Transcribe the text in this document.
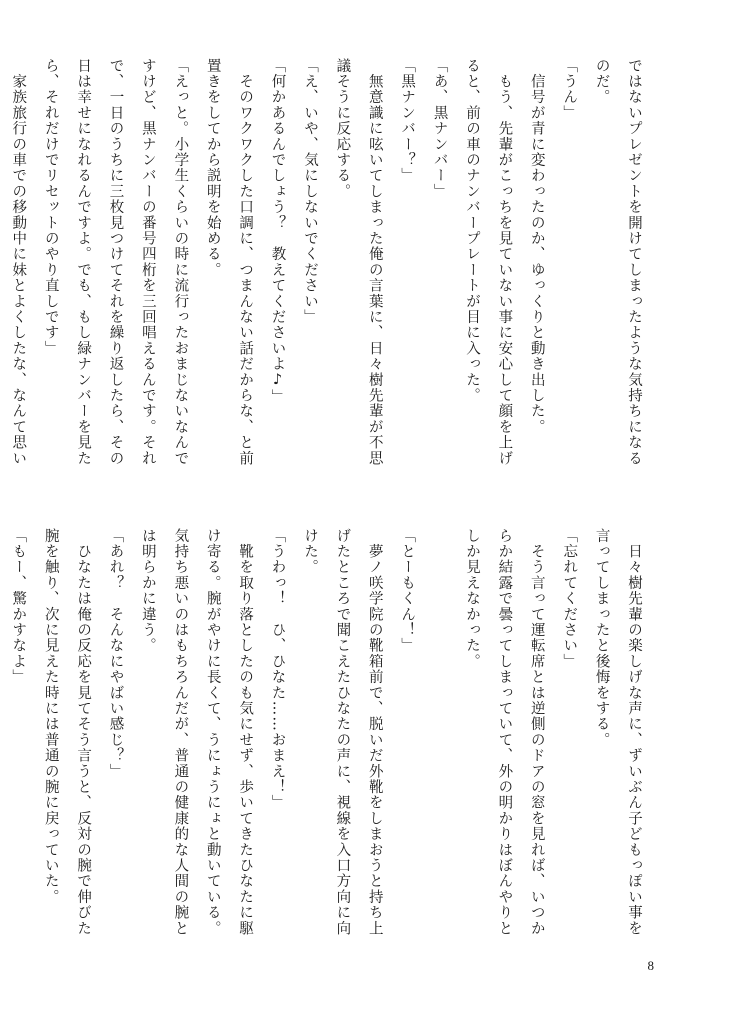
ではないプレゼントを開けてしまったような気持ちになる
のだ。
「うん」
　信号が青に変わったのか、ゆっくりと動き出した。
　もう、先輩がこっちを見ていない事に安心して顔を上げ
ると、前の車のナンバープレートが目に入った。
「あ、黒ナンバー」
「黒ナンバー？」
　無意識に呟いてしまった俺の言葉に、日々樹先輩が不思
議そうに反応する。
「え、いや、気にしないでください」
「何かあるんでしょう？　教えてくださいよ♪」
　そのワクワクした口調に、つまんない話だからな、と前
置きをしてから説明を始める。
「えっと。小学生くらいの時に流行ったおまじないなんで
すけど、黒ナンバーの番号四桁を三回唱えるんです。それ
で、一日のうちに三枚見つけてそれを繰り返したら、その
日は幸せになれるんですよ。でも、もし緑ナンバーを見た
ら、それだけでリセットのやり直しです」
　家族旅行の車での移動中に妹とよくしたな、なんて思い
　日々樹先輩の楽しげな声に、ずいぶん子どもっぽい事を
言ってしまったと後悔をする。
「忘れてください」
　そう言って運転席とは逆側のドアの窓を見れば、いつか
らか結露で曇ってしまっていて、外の明かりはぼんやりと
しか見えなかった。
「とーもくん！」
　夢ノ咲学院の靴箱前で、脱いだ外靴をしまおうと持ち上
げたところで聞こえたひなたの声に、視線を入口方向に向
けた。
「うわっ！　ひ、ひなた……おまえ！」
　靴を取り落としたのも気にせず、歩いてきたひなたに駆
け寄る。腕がやけに長くて、うにょうにょと動いている。
気持ち悪いのはもちろんだが、普通の健康的な人間の腕と
は明らかに違う。
「あれ？　そんなにやばい感じ？」
　ひなたは俺の反応を見てそう言うと、反対の腕で伸びた
腕を触り、次に見えた時には普通の腕に戻っていた。
「もー、驚かすなよ」
8
